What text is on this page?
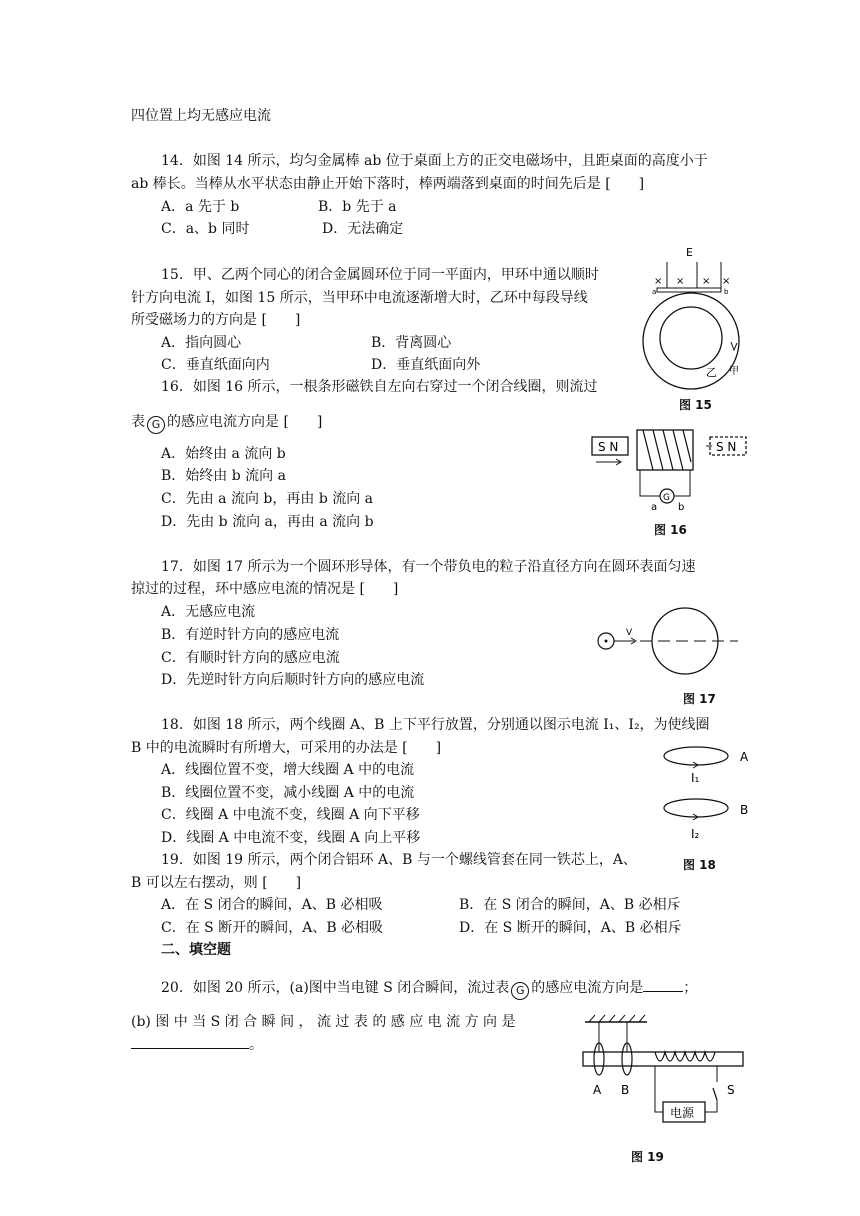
四位置上均无感应电流
14．如图 14 所示，均匀金属棒 ab 位于桌面上方的正交电磁场中，且距桌面的高度小于
ab 棒长。当棒从水平状态由静止开始下落时，棒两端落到桌面的时间先后是 [　　]
A．a 先于 b	B．b 先于 a
C．a、b 同时	D．无法确定
15．甲、乙两个同心的闭合金属圆环位于同一平面内，甲环中通以顺时
针方向电流 I，如图 15 所示，当甲环中电流逐渐增大时，乙环中每段导线
所受磁场力的方向是 [　　]
A．指向圆心	B．背离圆心
C．垂直纸面向内	D．垂直纸面向外
16．如图 16 所示，一根条形磁铁自左向右穿过一个闭合线圈，则流过
表 G 的感应电流方向是 [　　]
A．始终由 a 流向 b
B．始终由 b 流向 a
C．先由 a 流向 b，再由 b 流向 a
D．先由 b 流向 a，再由 a 流向 b
17．如图 17 所示为一个圆环形导体，有一个带负电的粒子沿直径方向在圆环表面匀速
掠过的过程，环中感应电流的情况是 [　　]
A．无感应电流
B．有逆时针方向的感应电流
C．有顺时针方向的感应电流
D．先逆时针方向后顺时针方向的感应电流
18．如图 18 所示，两个线圈 A、B 上下平行放置，分别通以图示电流 I₁、I₂，为使线圈
B 中的电流瞬时有所增大，可采用的办法是 [　　]
A．线圈位置不变，增大线圈 A 中的电流
B．线圈位置不变，减小线圈 A 中的电流
C．线圈 A 中电流不变，线圈 A 向下平移
D．线圈 A 中电流不变，线圈 A 向上平移
19．如图 19 所示，两个闭合铝环 A、B 与一个螺线管套在同一铁芯上，A、
B 可以左右摆动，则 [　　]
A．在 S 闭合的瞬间，A、B 必相吸	B．在 S 闭合的瞬间，A、B 必相斥
C．在 S 断开的瞬间，A、B 必相吸	D．在 S 断开的瞬间，A、B 必相斥
二、填空题
20．如图 20 所示，(a)图中当电键 S 闭合瞬间，流过表 G 的感应电流方向是	；
(b) 图 中 当 S 闭 合 瞬 间 ， 流 过 表 的 感 应 电 流 方 向 是
。
E
× × × ×
a	b
乙 甲
图 15
S N
G
a b
S N
图 16
V
图 17
A
I₁
B
I₂
图 18
A B
电源
S
图 19
